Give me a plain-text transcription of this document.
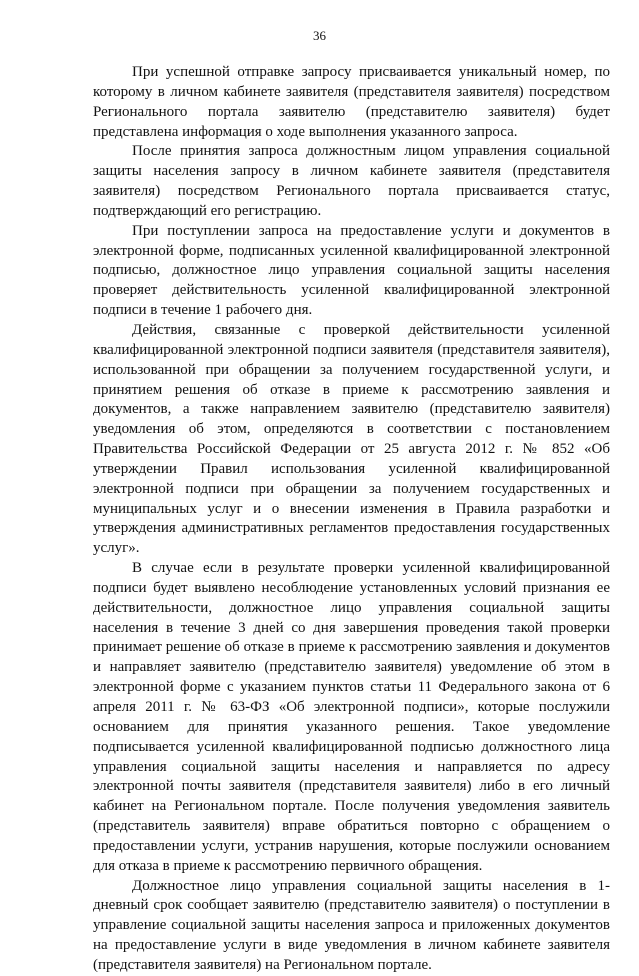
36

При успешной отправке запросу присваивается уникальный номер, по которому в личном кабинете заявителя (представителя заявителя) посредством Регионального портала заявителю (представителю заявителя) будет представлена информация о ходе выполнения указанного запроса.

После принятия запроса должностным лицом управления социальной защиты населения запросу в личном кабинете заявителя (представителя заявителя) посредством Регионального портала присваивается статус, подтверждающий его регистрацию.

При поступлении запроса на предоставление услуги и документов в электронной форме, подписанных усиленной квалифицированной электронной подписью, должностное лицо управления социальной защиты населения проверяет действительность усиленной квалифицированной электронной подписи в течение 1 рабочего дня.

Действия, связанные с проверкой действительности усиленной квалифицированной электронной подписи заявителя (представителя заявителя), использованной при обращении за получением государственной услуги, и принятием решения об отказе в приеме к рассмотрению заявления и документов, а также направлением заявителю (представителю заявителя) уведомления об этом, определяются в соответствии с постановлением Правительства Российской Федерации от 25 августа 2012 г. № 852 «Об утверждении Правил использования усиленной квалифицированной электронной подписи при обращении за получением государственных и муниципальных услуг и о внесении изменения в Правила разработки и утверждения административных регламентов предоставления государственных услуг».

В случае если в результате проверки усиленной квалифицированной подписи будет выявлено несоблюдение установленных условий признания ее действительности, должностное лицо управления социальной защиты населения в течение 3 дней со дня завершения проведения такой проверки принимает решение об отказе в приеме к рассмотрению заявления и документов и направляет заявителю (представителю заявителя) уведомление об этом в электронной форме с указанием пунктов статьи 11 Федерального закона от 6 апреля 2011 г. № 63-ФЗ «Об электронной подписи», которые послужили основанием для принятия указанного решения. Такое уведомление подписывается усиленной квалифицированной подписью должностного лица управления социальной защиты населения и направляется по адресу электронной почты заявителя (представителя заявителя) либо в его личный кабинет на Региональном портале. После получения уведомления заявитель (представитель заявителя) вправе обратиться повторно с обращением о предоставлении услуги, устранив нарушения, которые послужили основанием для отказа в приеме к рассмотрению первичного обращения.

Должностное лицо управления социальной защиты населения в 1-дневный срок сообщает заявителю (представителю заявителя) о поступлении в управление социальной защиты населения запроса и приложенных документов на предоставление услуги в виде уведомления в личном кабинете заявителя (представителя заявителя) на Региональном портале.
